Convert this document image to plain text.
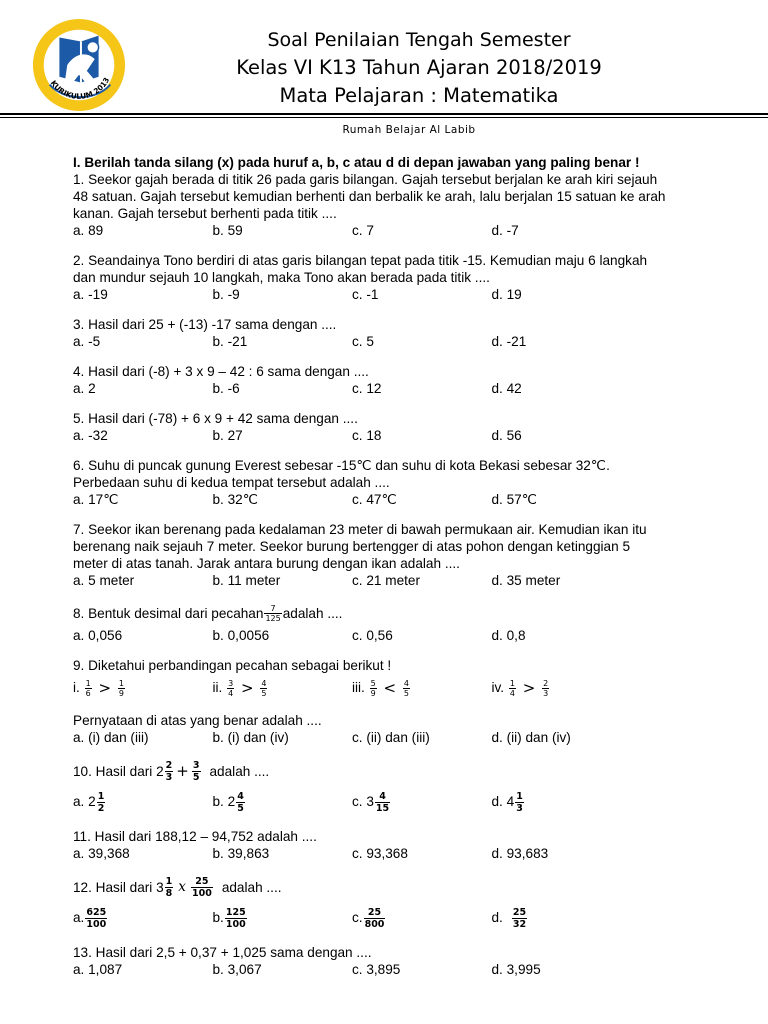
KURIKULUM 2013
Soal Penilaian Tengah Semester
Kelas VI K13 Tahun Ajaran 2018/2019
Mata Pelajaran : Matematika
Rumah Belajar Al Labib
I. Berilah tanda silang (x) pada huruf a, b, c atau d di depan jawaban yang paling benar !
1. Seekor gajah berada di titik 26 pada garis bilangan. Gajah tersebut berjalan ke arah kiri sejauh
48 satuan. Gajah tersebut kemudian berhenti dan berbalik ke arah, lalu berjalan 15 satuan ke arah
kanan. Gajah tersebut berhenti pada titik ....
a. 89	b. 59	c. 7	d. -7
2. Seandainya Tono berdiri di atas garis bilangan tepat pada titik -15. Kemudian maju 6 langkah
dan mundur sejauh 10 langkah, maka Tono akan berada pada titik ....
a. -19	b. -9	c. -1	d. 19
3. Hasil dari 25 + (-13) -17 sama dengan ....
a. -5	b. -21	c. 5	d. -21
4. Hasil dari (-8) + 3 x 9 – 42 : 6 sama dengan ....
a. 2	b. -6	c. 12	d. 42
5. Hasil dari (-78) + 6 x 9 + 42 sama dengan ....
a. -32	b. 27	c. 18	d. 56
6. Suhu di puncak gunung Everest sebesar -15℃ dan suhu di kota Bekasi sebesar 32℃.
Perbedaan suhu di kedua tempat tersebut adalah ....
a. 17℃	b. 32℃	c. 47℃	d. 57℃
7. Seekor ikan berenang pada kedalaman 23 meter di bawah permukaan air. Kemudian ikan itu
berenang naik sejauh 7 meter. Seekor burung bertengger di atas pohon dengan ketinggian 5
meter di atas tanah. Jarak antara burung dengan ikan adalah ....
a. 5 meter	b. 11 meter	c. 21 meter	d. 35 meter
8. Bentuk desimal dari pecahan $\frac{7}{125}$ adalah ....
a. 0,056	b. 0,0056	c. 0,56	d. 0,8
9. Diketahui perbandingan pecahan sebagai berikut !
i. $\frac{1}{6} > \frac{1}{9}$	ii. $\frac{3}{4} > \frac{4}{5}$	iii. $\frac{5}{9} < \frac{4}{5}$	iv. $\frac{1}{4} > \frac{2}{3}$
Pernyataan di atas yang benar adalah ....
a. (i) dan (iii)	b. (i) dan (iv)	c. (ii) dan (iii)	d. (ii) dan (iv)
10. Hasil dari $2 \frac{2}{3} + \frac{3}{5}$ adalah ....
a. $2 \frac{1}{2}$	b. $2 \frac{4}{5}$	c. $3 \frac{4}{15}$	d. $4 \frac{1}{3}$
11. Hasil dari 188,12 – 94,752 adalah ....
a. 39,368	b. 39,863	c. 93,368	d. 93,683
12. Hasil dari $3 \frac{1}{8}$ x $\frac{25}{100}$ adalah ....
a. $\frac{625}{100}$	b. $\frac{125}{100}$	c. $\frac{25}{800}$	d. $\frac{25}{32}$
13. Hasil dari 2,5 + 0,37 + 1,025 sama dengan ....
a. 1,087	b. 3,067	c. 3,895	d. 3,995
